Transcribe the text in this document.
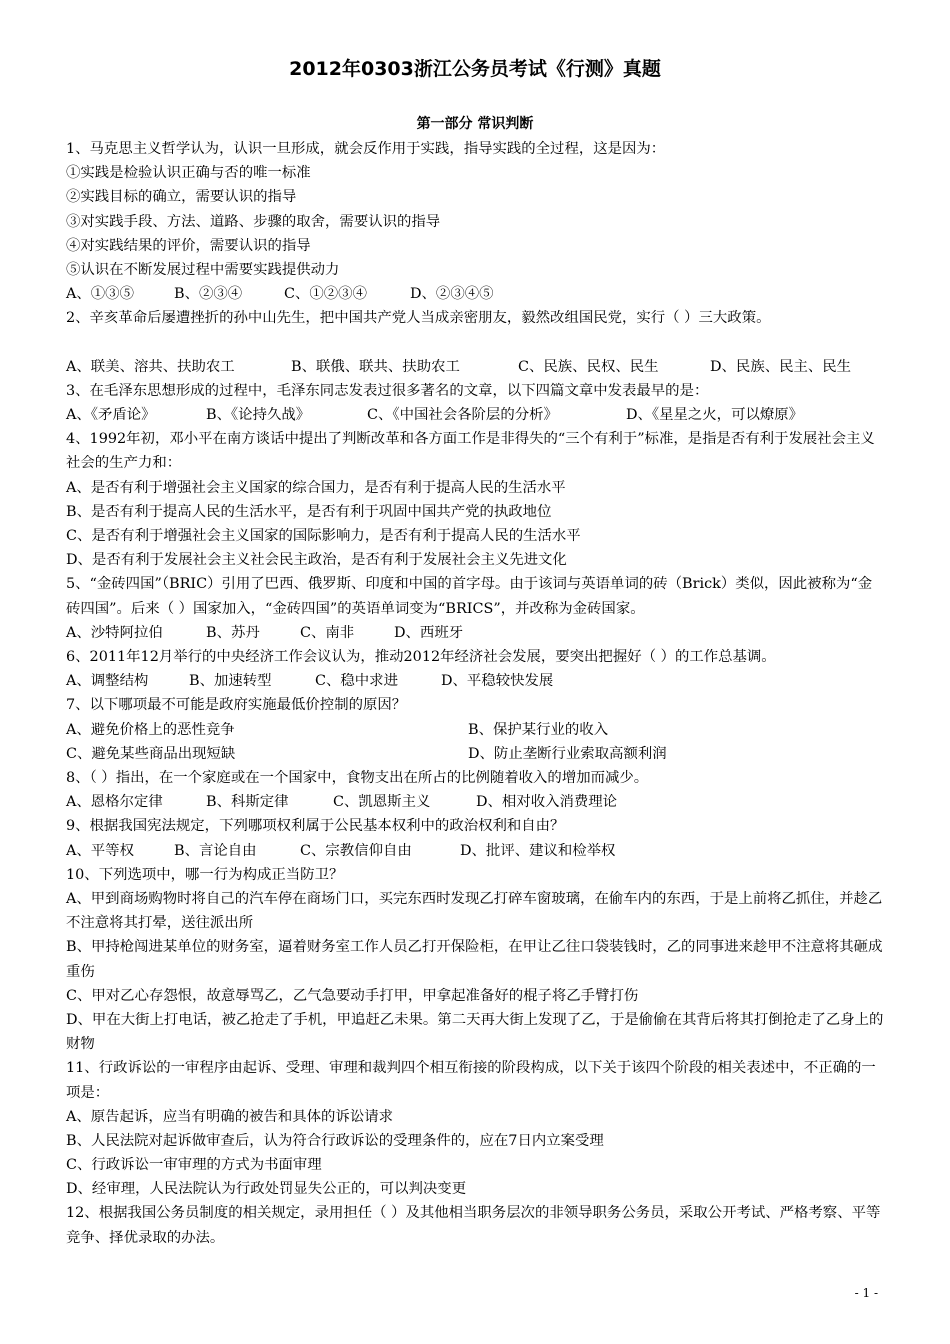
2012年0303浙江公务员考试《行测》真题
第一部分 常识判断
1、马克思主义哲学认为，认识一旦形成，就会反作用于实践，指导实践的全过程，这是因为：
①实践是检验认识正确与否的唯一标准
②实践目标的确立，需要认识的指导
③对实践手段、方法、道路、步骤的取舍，需要认识的指导
④对实践结果的评价，需要认识的指导
⑤认识在不断发展过程中需要实践提供动力
A、①③⑤	B、②③④	C、①②③④	D、②③④⑤
2、辛亥革命后屡遭挫折的孙中山先生，把中国共产党人当成亲密朋友，毅然改组国民党，实行（ ）三大政策。
A、联美、溶共、扶助农工	B、联俄、联共、扶助农工	C、民族、民权、民生	D、民族、民主、民生
3、在毛泽东思想形成的过程中，毛泽东同志发表过很多著名的文章，以下四篇文章中发表最早的是：
A、《矛盾论》	B、《论持久战》	C、《中国社会各阶层的分析》	D、《星星之火，可以燎原》
4、1992年初，邓小平在南方谈话中提出了判断改革和各方面工作是非得失的“三个有利于”标准，是指是否有利于发展社会主义社会的生产力和：
A、是否有利于增强社会主义国家的综合国力，是否有利于提高人民的生活水平
B、是否有利于提高人民的生活水平，是否有利于巩固中国共产党的执政地位
C、是否有利于增强社会主义国家的国际影响力，是否有利于提高人民的生活水平
D、是否有利于发展社会主义社会民主政治，是否有利于发展社会主义先进文化
5、“金砖四国”（BRIC）引用了巴西、俄罗斯、印度和中国的首字母。由于该词与英语单词的砖（Brick）类似，因此被称为“金砖四国”。后来（ ）国家加入，“金砖四国”的英语单词变为“BRICS”，并改称为金砖国家。
A、沙特阿拉伯	B、苏丹	C、南非	D、西班牙
6、2011年12月举行的中央经济工作会议认为，推动2012年经济社会发展，要突出把握好（ ）的工作总基调。
A、调整结构	B、加速转型	C、稳中求进	D、平稳较快发展
7、以下哪项最不可能是政府实施最低价控制的原因？
A、避免价格上的恶性竞争	B、保护某行业的收入
C、避免某些商品出现短缺	D、防止垄断行业索取高额利润
8、（ ）指出，在一个家庭或在一个国家中，食物支出在所占的比例随着收入的增加而减少。
A、恩格尔定律	B、科斯定律	C、凯恩斯主义	D、相对收入消费理论
9、根据我国宪法规定，下列哪项权利属于公民基本权利中的政治权利和自由？
A、平等权	B、言论自由	C、宗教信仰自由	D、批评、建议和检举权
10、下列选项中，哪一行为构成正当防卫？
A、甲到商场购物时将自己的汽车停在商场门口，买完东西时发现乙打碎车窗玻璃，在偷车内的东西，于是上前将乙抓住，并趁乙不注意将其打晕，送往派出所
B、甲持枪闯进某单位的财务室，逼着财务室工作人员乙打开保险柜，在甲让乙往口袋装钱时，乙的同事进来趁甲不注意将其砸成重伤
C、甲对乙心存怨恨，故意辱骂乙，乙气急要动手打甲，甲拿起准备好的棍子将乙手臂打伤
D、甲在大街上打电话，被乙抢走了手机，甲追赶乙未果。第二天再大街上发现了乙，于是偷偷在其背后将其打倒抢走了乙身上的财物
11、行政诉讼的一审程序由起诉、受理、审理和裁判四个相互衔接的阶段构成，以下关于该四个阶段的相关表述中，不正确的一项是：
A、原告起诉，应当有明确的被告和具体的诉讼请求
B、人民法院对起诉做审查后，认为符合行政诉讼的受理条件的，应在7日内立案受理
C、行政诉讼一审审理的方式为书面审理
D、经审理，人民法院认为行政处罚显失公正的，可以判决变更
12、根据我国公务员制度的相关规定，录用担任（ ）及其他相当职务层次的非领导职务公务员，采取公开考试、严格考察、平等竞争、择优录取的办法。
- 1 -
